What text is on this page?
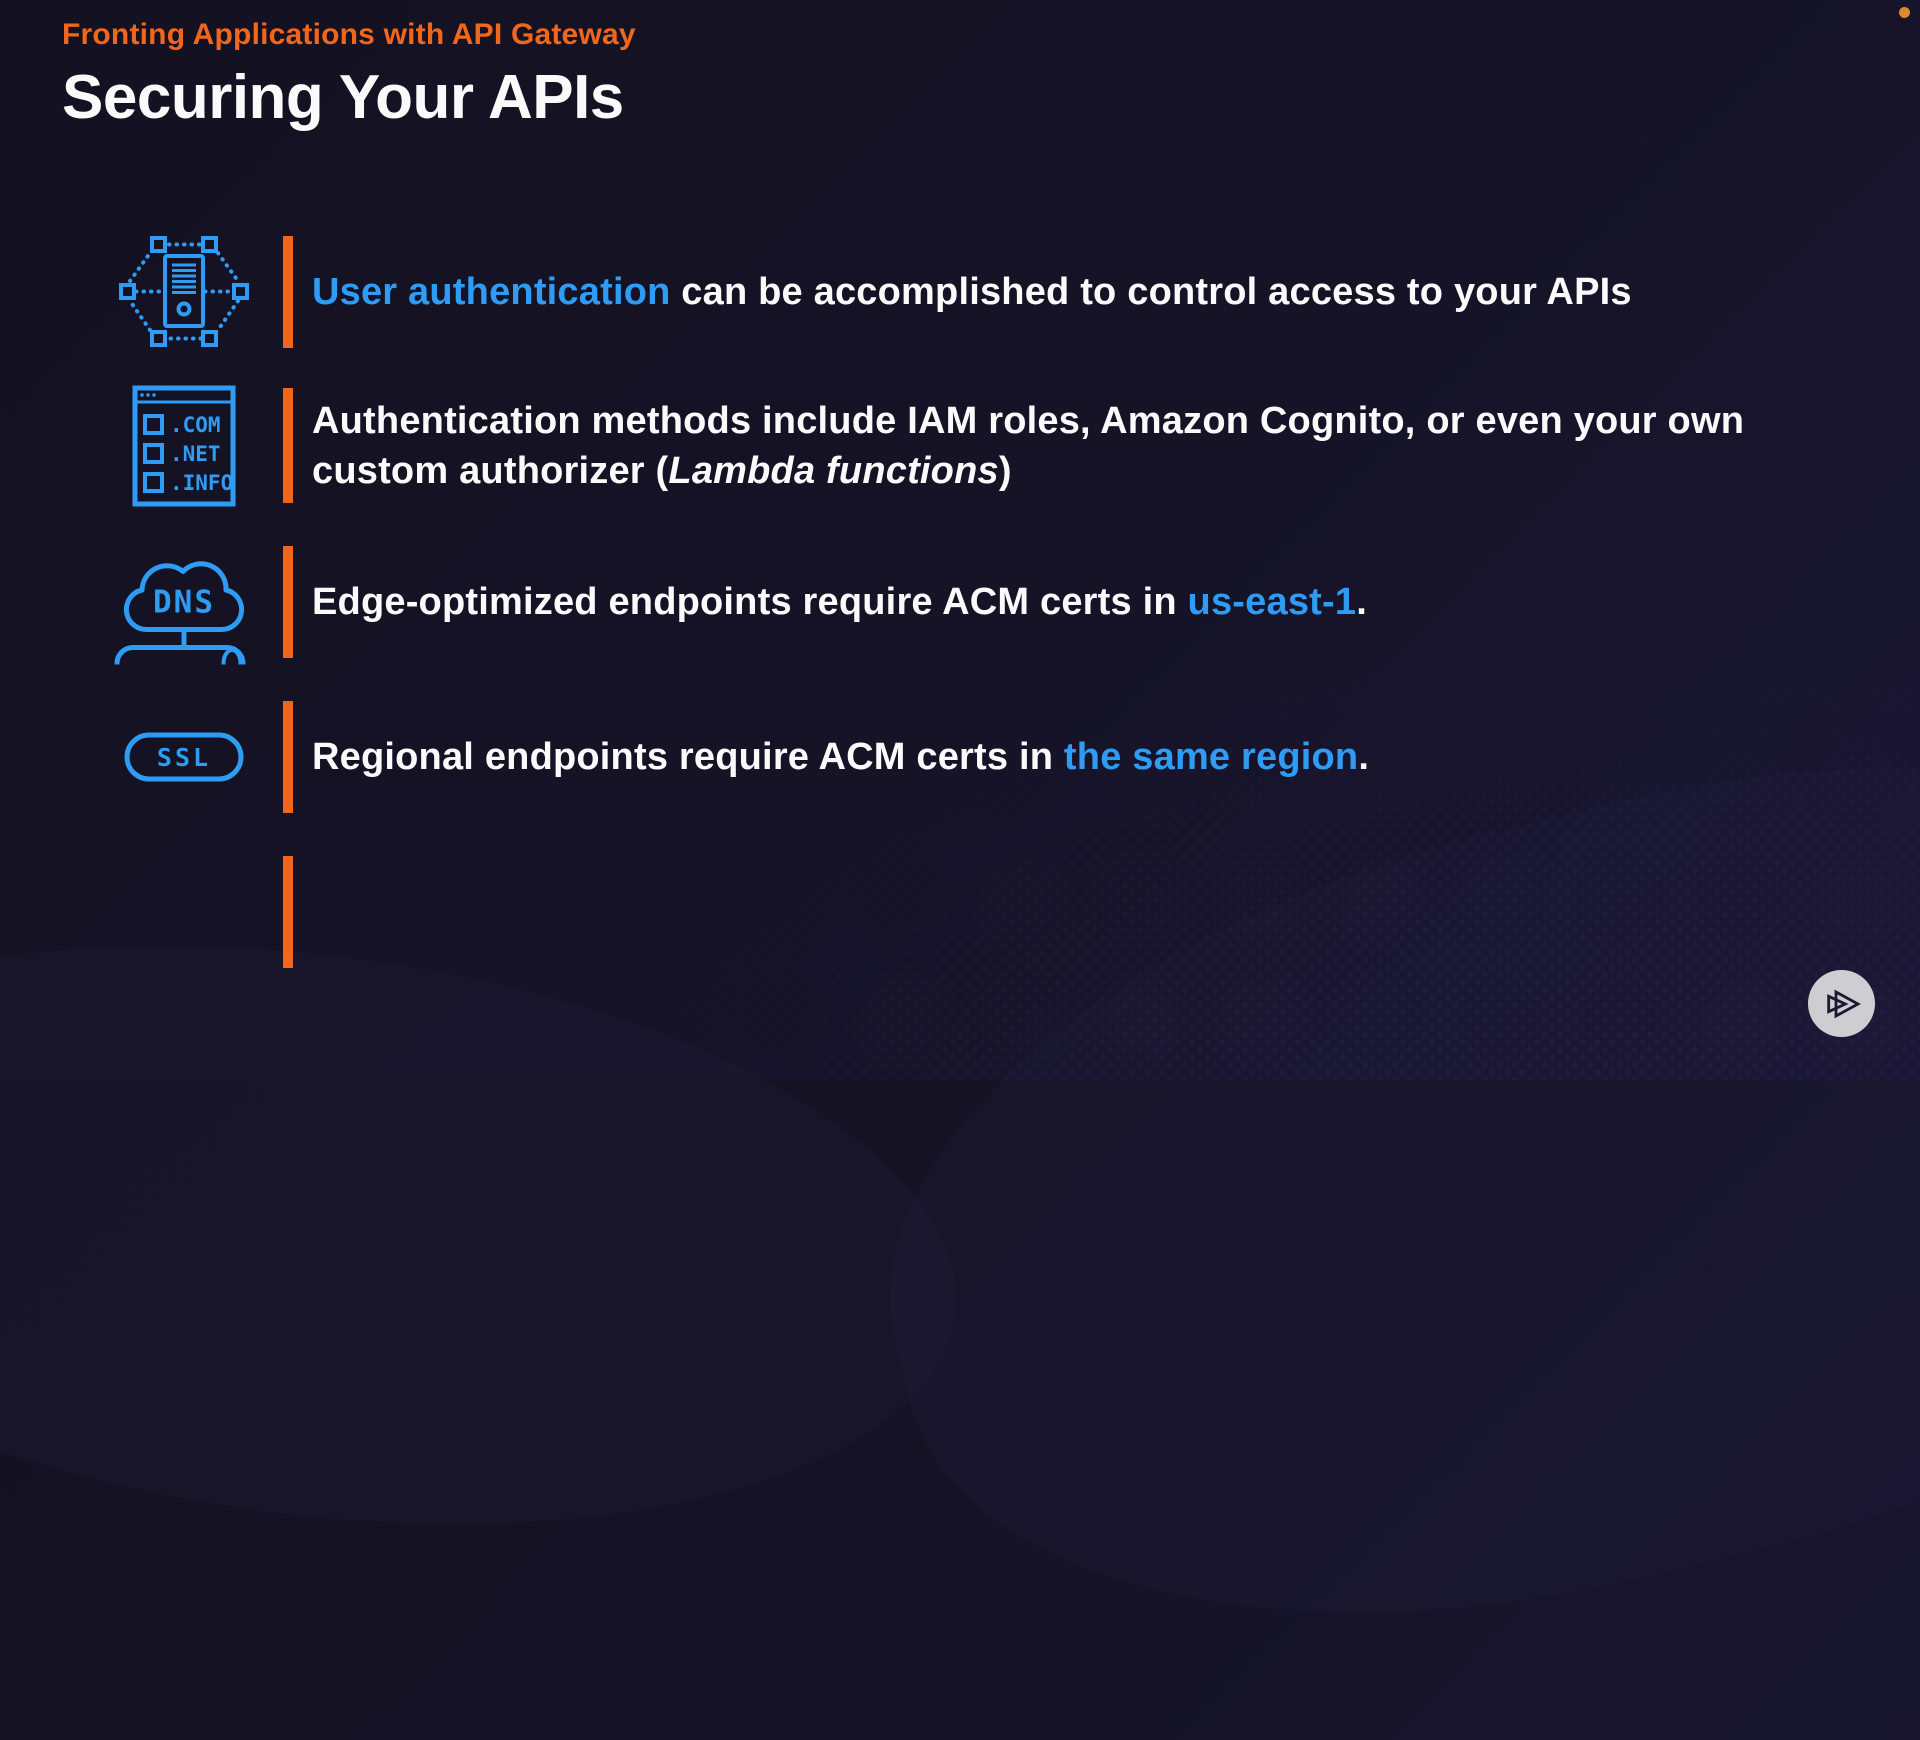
Fronting Applications with API Gateway
Securing Your APIs
User authentication can be accomplished to control access to your APIs
.COM
.NET
.INFO
Authentication methods include IAM roles, Amazon Cognito, or even your own custom authorizer (Lambda functions)
DNS	Edge-optimized endpoints require ACM certs in us-east-1.
SSL	Regional endpoints require ACM certs in the same region.
